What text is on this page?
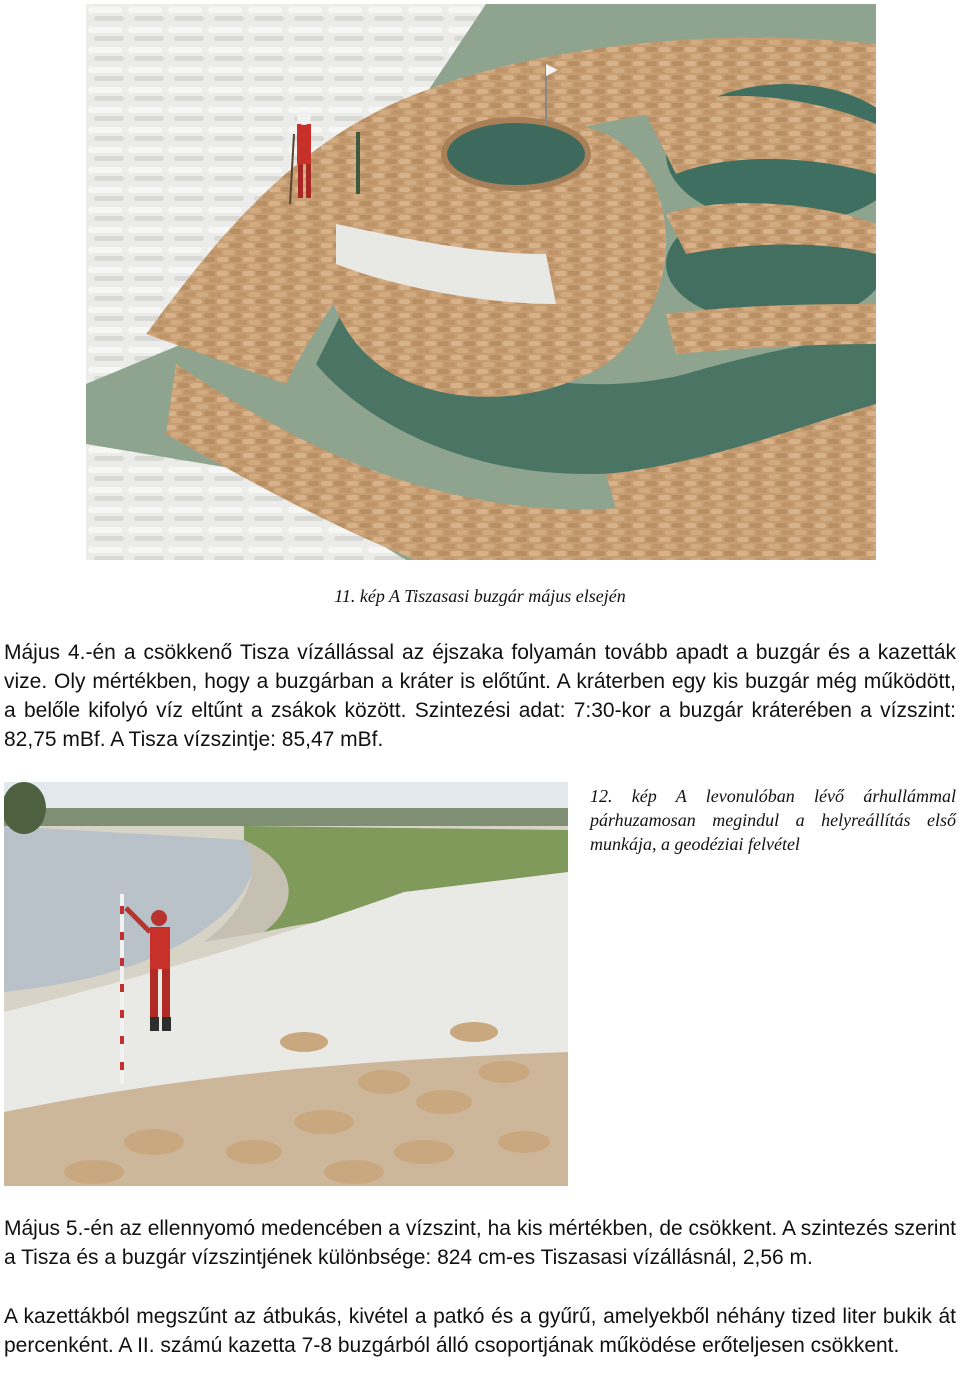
11. kép A Tiszasasi buzgár május elsején

Május 4.-én a csökkenő Tisza vízállással az éjszaka folyamán tovább apadt a buzgár és a kazetták vize. Oly mértékben, hogy a buzgárban a kráter is előtűnt. A kráterben egy kis buzgár még működött, a belőle kifolyó víz eltűnt a zsákok között. Szintezési adat: 7:30-kor a buzgár kráterében a vízszint: 82,75 mBf. A Tisza vízszintje: 85,47 mBf.

12. kép A levonulóban lévő árhullámmal párhuzamosan megindul a helyreállítás első munkája, a geodéziai felvétel

Május 5.-én az ellennyomó medencében a vízszint, ha kis mértékben, de csökkent. A szintezés szerint a Tisza és a buzgár vízszintjének különbsége: 824 cm-es Tiszasasi vízállásnál, 2,56 m.

A kazettákból megszűnt az átbukás, kivétel a patkó és a gyűrű, amelyekből néhány tized liter bukik át percenként. A II. számú kazetta 7-8 buzgárból álló csoportjának működése erőteljesen csökkent.
